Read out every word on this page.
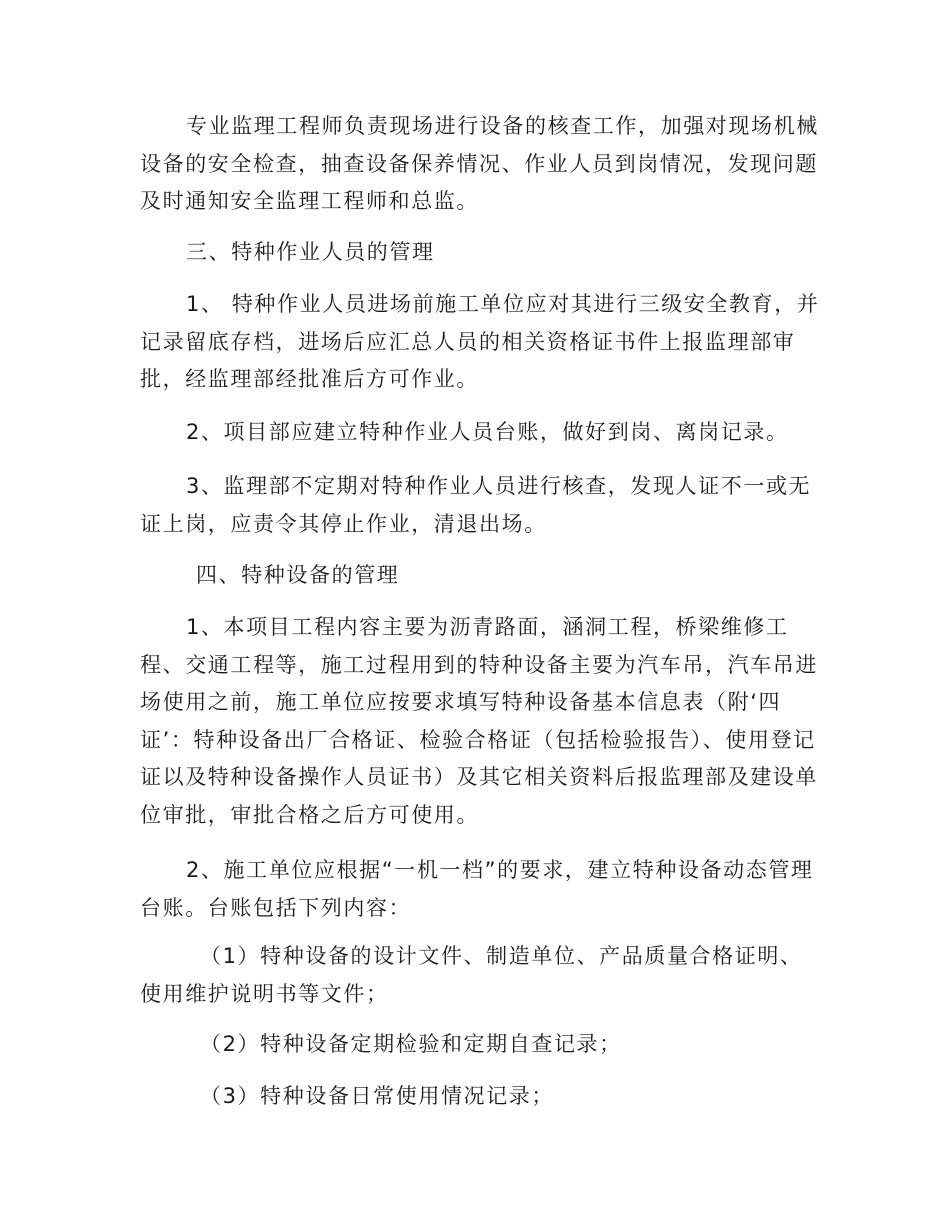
专业监理工程师负责现场进行设备的核查工作，加强对现场机械设备的安全检查，抽查设备保养情况、作业人员到岗情况，发现问题及时通知安全监理工程师和总监。

三、特种作业人员的管理

1、 特种作业人员进场前施工单位应对其进行三级安全教育，并记录留底存档，进场后应汇总人员的相关资格证书件上报监理部审批，经监理部经批准后方可作业。

2、项目部应建立特种作业人员台账，做好到岗、离岗记录。

3、监理部不定期对特种作业人员进行核查，发现人证不一或无证上岗，应责令其停止作业，清退出场。

四、特种设备的管理

1、本项目工程内容主要为沥青路面，涵洞工程，桥梁维修工程、交通工程等，施工过程用到的特种设备主要为汽车吊，汽车吊进场使用之前，施工单位应按要求填写特种设备基本信息表（附‘四证’：特种设备出厂合格证、检验合格证（包括检验报告）、使用登记证以及特种设备操作人员证书）及其它相关资料后报监理部及建设单位审批，审批合格之后方可使用。

2、施工单位应根据“一机一档”的要求，建立特种设备动态管理台账。台账包括下列内容：

（1）特种设备的设计文件、制造单位、产品质量合格证明、使用维护说明书等文件；

（2）特种设备定期检验和定期自查记录；

（3）特种设备日常使用情况记录；
